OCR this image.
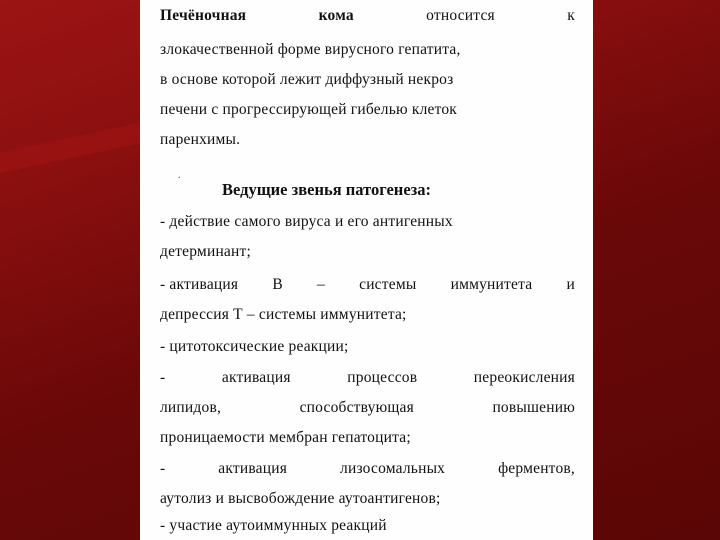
Печёночная	кома	относится	к
злокачественной форме вирусного гепатита,
в основе которой лежит диффузный некроз
печени с прогрессирующей гибелью клеток
паренхимы.
.
Ведущие звенья патогенеза:
- действие самого вируса и его антигенных
детерминант;
- активация В – системы иммунитета и
депрессия Т – системы иммунитета;
- цитотоксические реакции;
-	активация	процессов	переокисления
липидов,	способствующая	повышению
проницаемости мембран гепатоцита;
-	активация	лизосомальных	ферментов,
аутолиз и высвобождение аутоантигенов;
- участие аутоиммунных реакций
